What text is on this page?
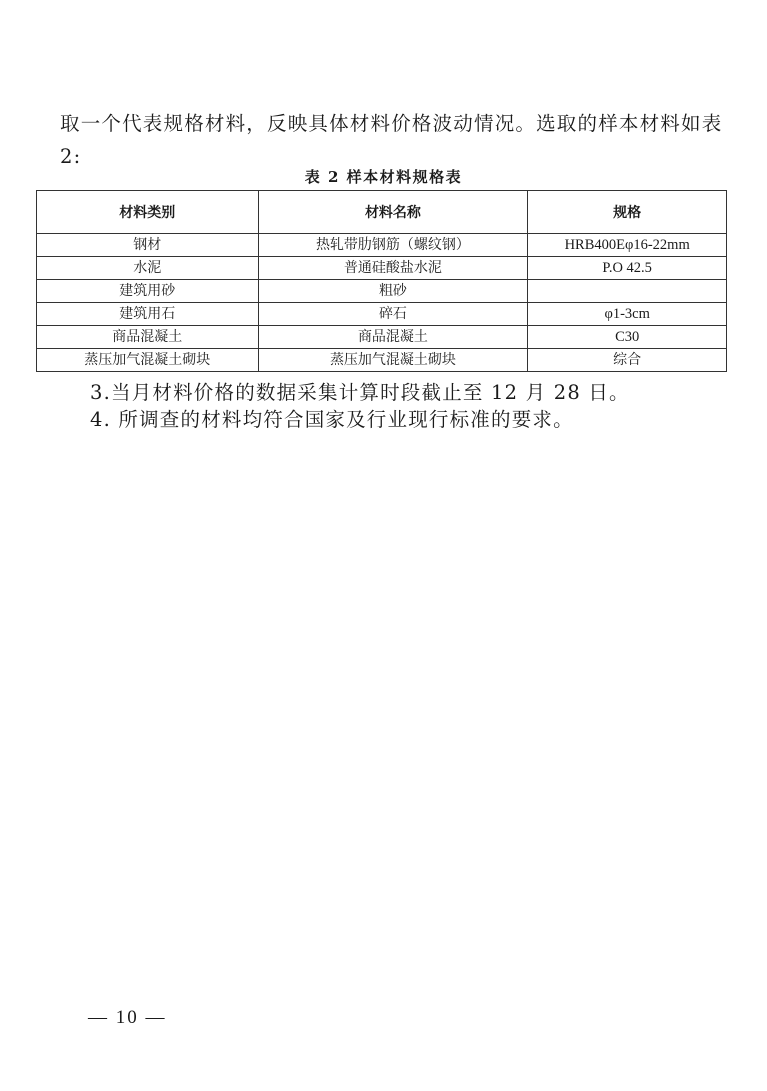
取一个代表规格材料，反映具体材料价格波动情况。选取的样本材料如表 2:

表 2 样本材料规格表

材料类别	材料名称	规格
钢材	热轧带肋钢筋（螺纹钢）	HRB400Eφ16-22mm
水泥	普通硅酸盐水泥	P.O 42.5
建筑用砂	粗砂	
建筑用石	碎石	φ1-3cm
商品混凝土	商品混凝土	C30
蒸压加气混凝土砌块	蒸压加气混凝土砌块	综合

3.当月材料价格的数据采集计算时段截止至 12 月 28 日。

4. 所调查的材料均符合国家及行业现行标准的要求。

— 10 —
